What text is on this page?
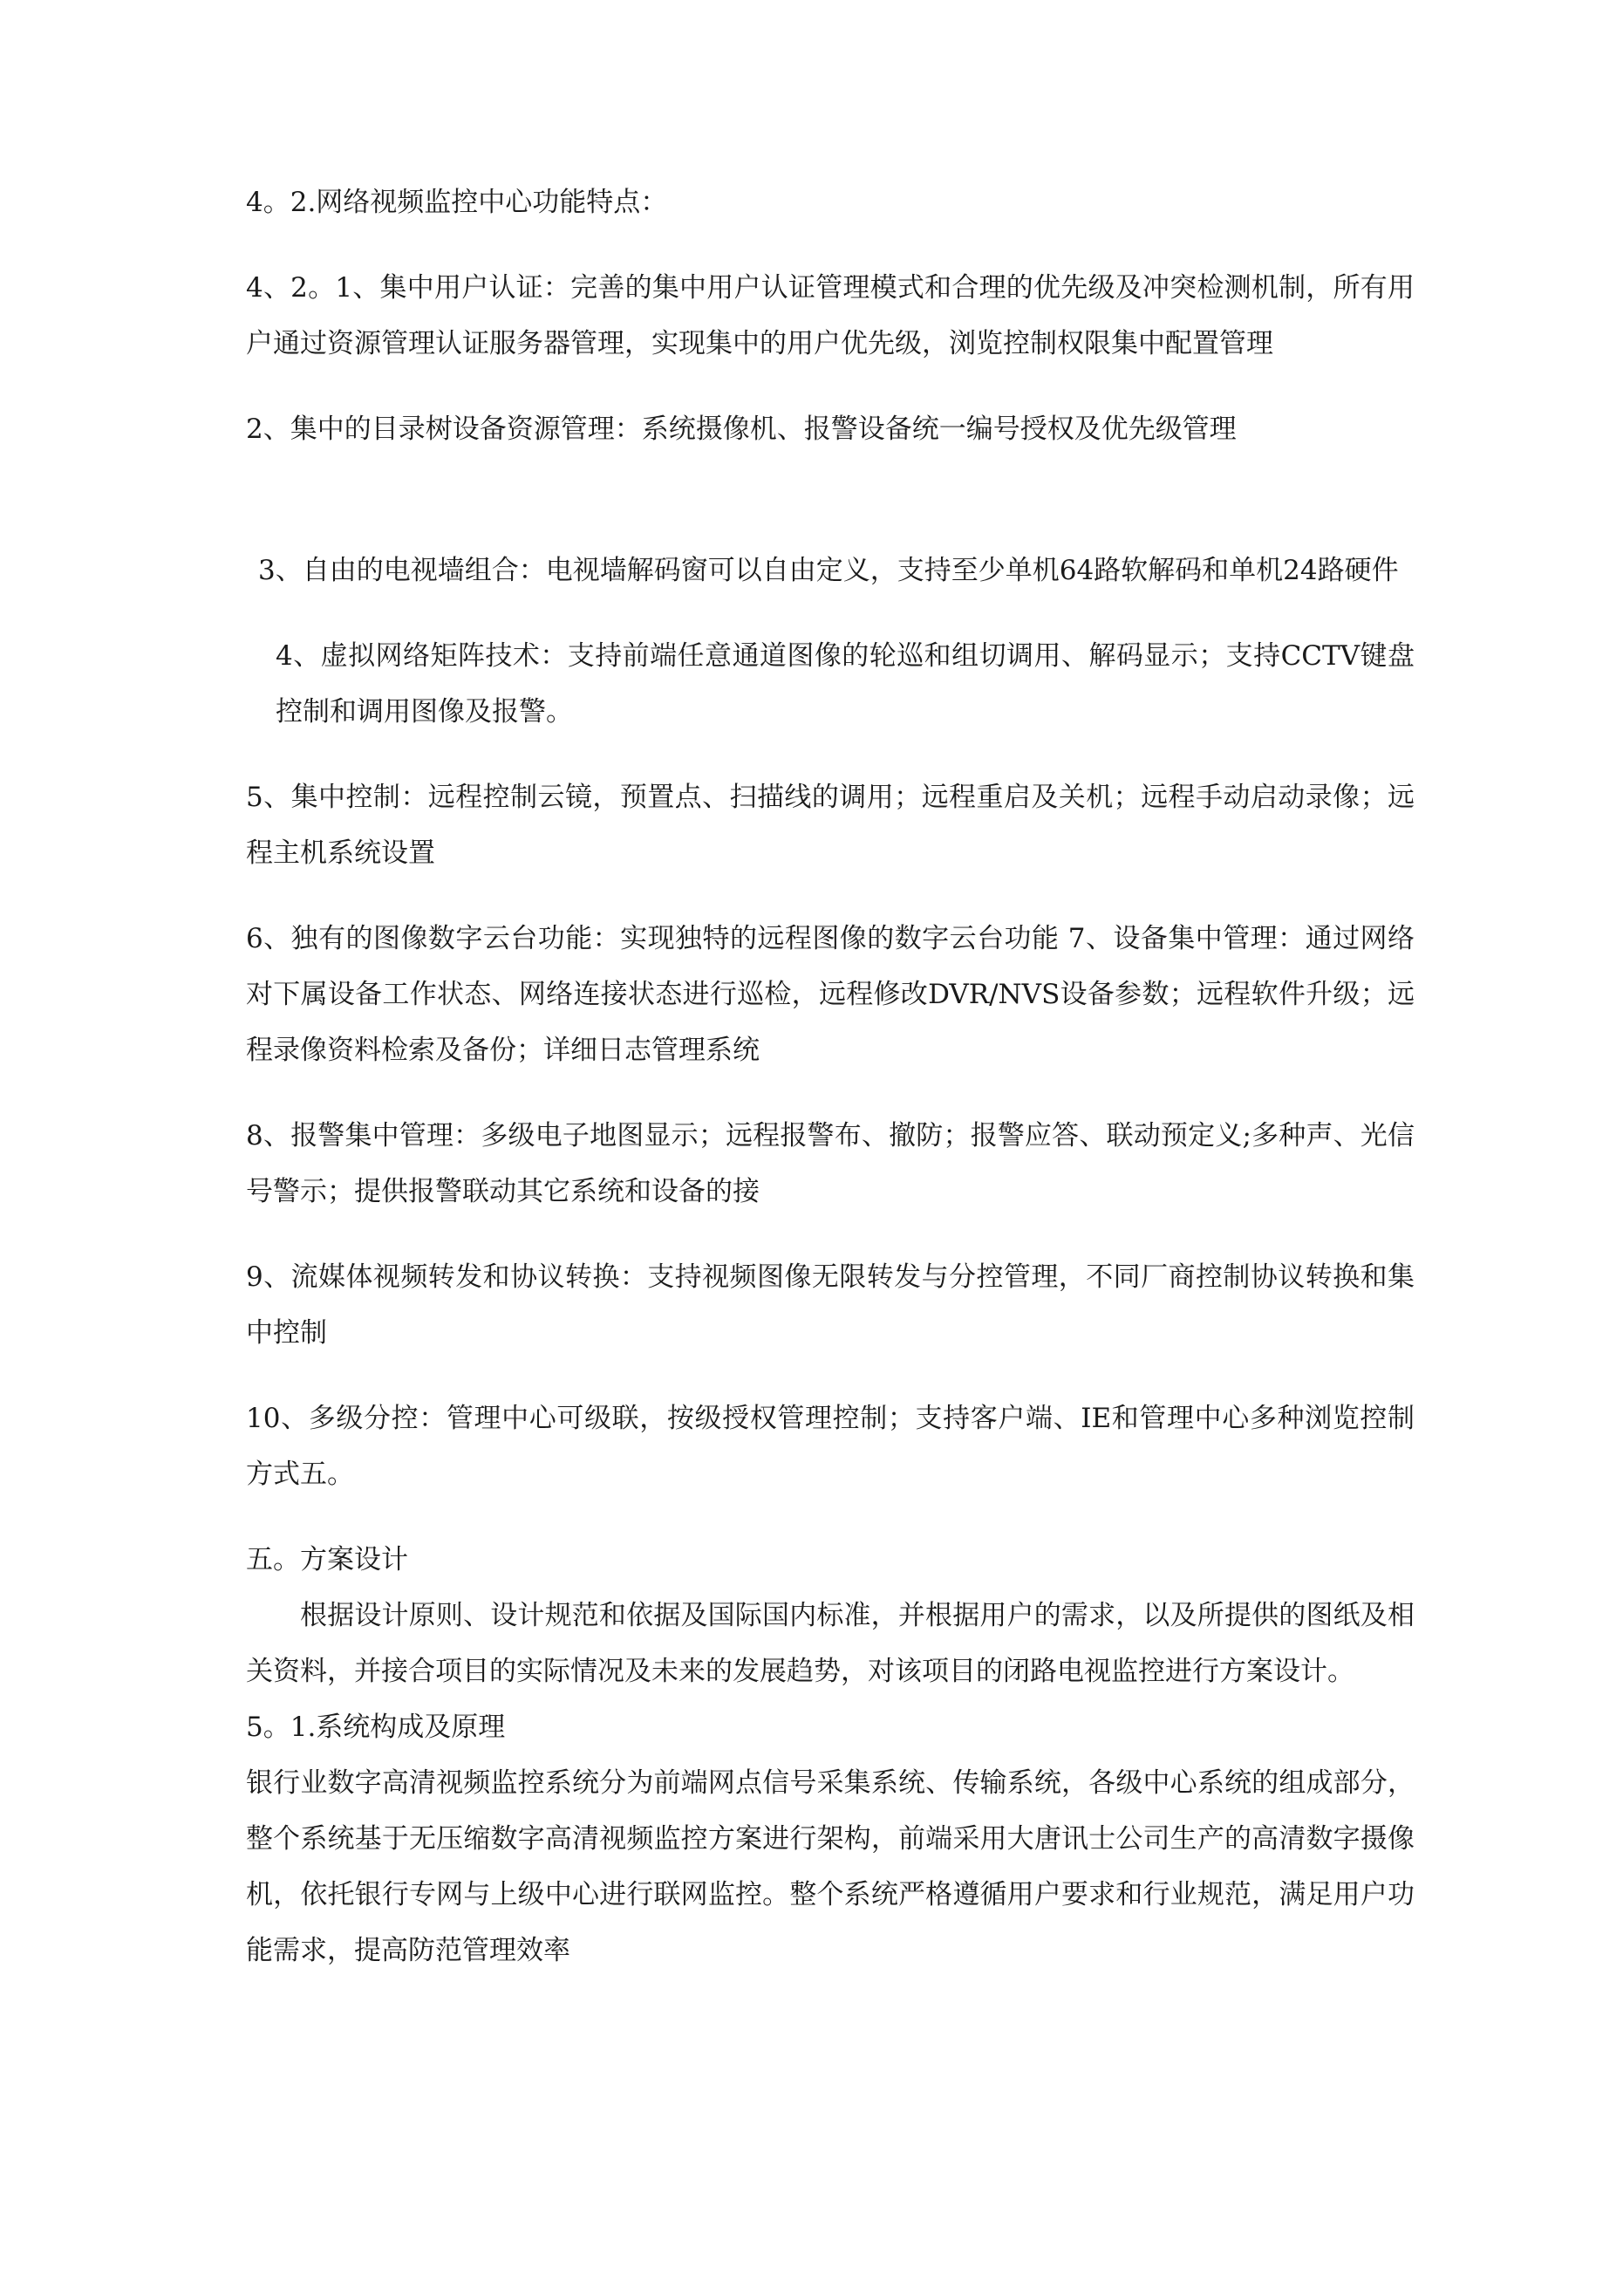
4。2.网络视频监控中心功能特点：

4、2。1、集中用户认证：完善的集中用户认证管理模式和合理的优先级及冲突检测机制，所有用户通过资源管理认证服务器管理，实现集中的用户优先级，浏览控制权限集中配置管理

2、集中的目录树设备资源管理：系统摄像机、报警设备统一编号授权及优先级管理

3、自由的电视墙组合：电视墙解码窗可以自由定义，支持至少单机64路软解码和单机24路硬件

4、虚拟网络矩阵技术：支持前端任意通道图像的轮巡和组切调用、解码显示；支持CCTV键盘控制和调用图像及报警。

5、集中控制：远程控制云镜，预置点、扫描线的调用；远程重启及关机；远程手动启动录像；远程主机系统设置

6、独有的图像数字云台功能：实现独特的远程图像的数字云台功能 7、设备集中管理：通过网络对下属设备工作状态、网络连接状态进行巡检，远程修改DVR/NVS设备参数；远程软件升级；远程录像资料检索及备份；详细日志管理系统

8、报警集中管理：多级电子地图显示；远程报警布、撤防；报警应答、联动预定义;多种声、光信号警示；提供报警联动其它系统和设备的接

9、流媒体视频转发和协议转换：支持视频图像无限转发与分控管理，不同厂商控制协议转换和集中控制

10、多级分控：管理中心可级联，按级授权管理控制；支持客户端、IE和管理中心多种浏览控制方式五。

五。方案设计

根据设计原则、设计规范和依据及国际国内标准，并根据用户的需求，以及所提供的图纸及相关资料，并接合项目的实际情况及未来的发展趋势，对该项目的闭路电视监控进行方案设计。

5。1.系统构成及原理

银行业数字高清视频监控系统分为前端网点信号采集系统、传输系统，各级中心系统的组成部分，整个系统基于无压缩数字高清视频监控方案进行架构，前端采用大唐讯士公司生产的高清数字摄像机，依托银行专网与上级中心进行联网监控。整个系统严格遵循用户要求和行业规范，满足用户功能需求，提高防范管理效率
